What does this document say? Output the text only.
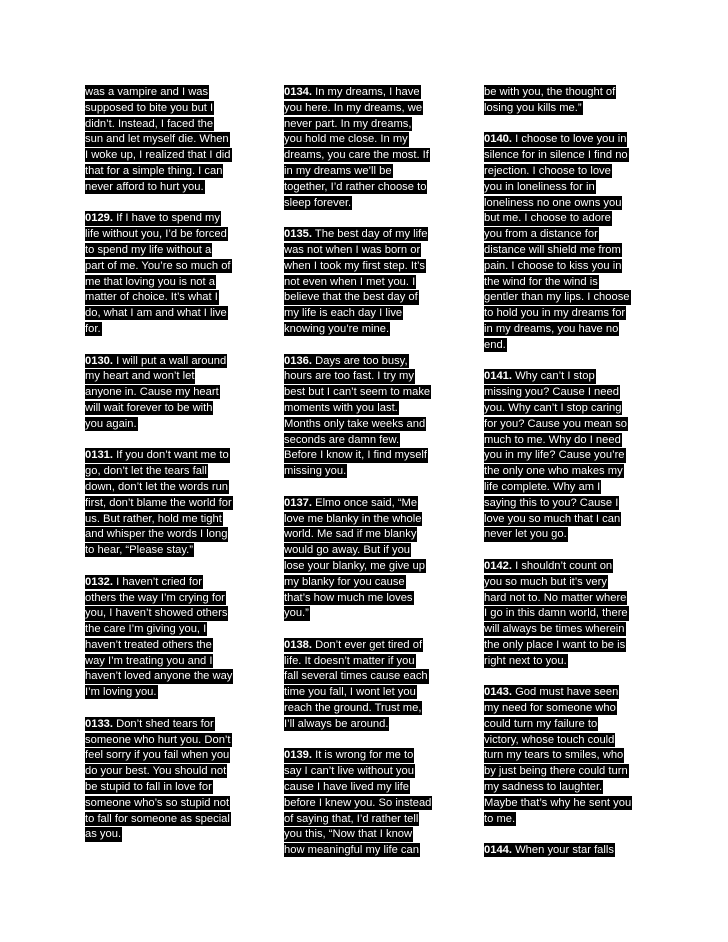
was a vampire and I was
supposed to bite you but I
didn’t. Instead, I faced the
sun and let myself die. When
I woke up, I realized that I did
that for a simple thing. I can
never afford to hurt you.
0129. If I have to spend my
life without you, I’d be forced
to spend my life without a
part of me. You’re so much of
me that loving you is not a
matter of choice. It’s what I
do, what I am and what I live
for.
0130. I will put a wall around
my heart and won’t let
anyone in. Cause my heart
will wait forever to be with
you again.
0131. If you don’t want me to
go, don’t let the tears fall
down, don’t let the words run
first, don’t blame the world for
us. But rather, hold me tight
and whisper the words I long
to hear, “Please stay.”
0132. I haven’t cried for
others the way I’m crying for
you, I haven’t showed others
the care I’m giving you, I
haven’t treated others the
way I’m treating you and I
haven’t loved anyone the way
I’m loving you.
0133. Don’t shed tears for
someone who hurt you. Don’t
feel sorry if you fail when you
do your best. You should not
be stupid to fall in love for
someone who’s so stupid not
to fall for someone as special
as you.
0134. In my dreams, I have
you here. In my dreams, we
never part. In my dreams,
you hold me close. In my
dreams, you care the most. If
in my dreams we’ll be
together, I’d rather choose to
sleep forever.
0135. The best day of my life
was not when I was born or
when I took my first step. It’s
not even when I met you. I
believe that the best day of
my life is each day I live
knowing you’re mine.
0136. Days are too busy,
hours are too fast. I try my
best but I can’t seem to make
moments with you last.
Months only take weeks and
seconds are damn few.
Before I know it, I find myself
missing you.
0137. Elmo once said, “Me
love me blanky in the whole
world. Me sad if me blanky
would go away. But if you
lose your blanky, me give up
my blanky for you cause
that’s how much me loves
you.”
0138. Don’t ever get tired of
life. It doesn’t matter if you
fall several times cause each
time you fall, I wont let you
reach the ground. Trust me,
I’ll always be around.
0139. It is wrong for me to
say I can’t live without you
cause I have lived my life
before I knew you. So instead
of saying that, I’d rather tell
you this, “Now that I know
how meaningful my life can
be with you, the thought of
losing you kills me.”
0140. I choose to love you in
silence for in silence I find no
rejection. I choose to love
you in loneliness for in
loneliness no one owns you
but me. I choose to adore
you from a distance for
distance will shield me from
pain. I choose to kiss you in
the wind for the wind is
gentler than my lips. I choose
to hold you in my dreams for
in my dreams, you have no
end.
0141. Why can’t I stop
missing you? Cause I need
you. Why can’t I stop caring
for you? Cause you mean so
much to me. Why do I need
you in my life? Cause you’re
the only one who makes my
life complete. Why am I
saying this to you? Cause I
love you so much that I can
never let you go.
0142. I shouldn’t count on
you so much but it’s very
hard not to. No matter where
I go in this damn world, there
will always be times wherein
the only place I want to be is
right next to you.
0143. God must have seen
my need for someone who
could turn my failure to
victory, whose touch could
turn my tears to smiles, who
by just being there could turn
my sadness to laughter.
Maybe that’s why he sent you
to me.
0144. When your star falls
